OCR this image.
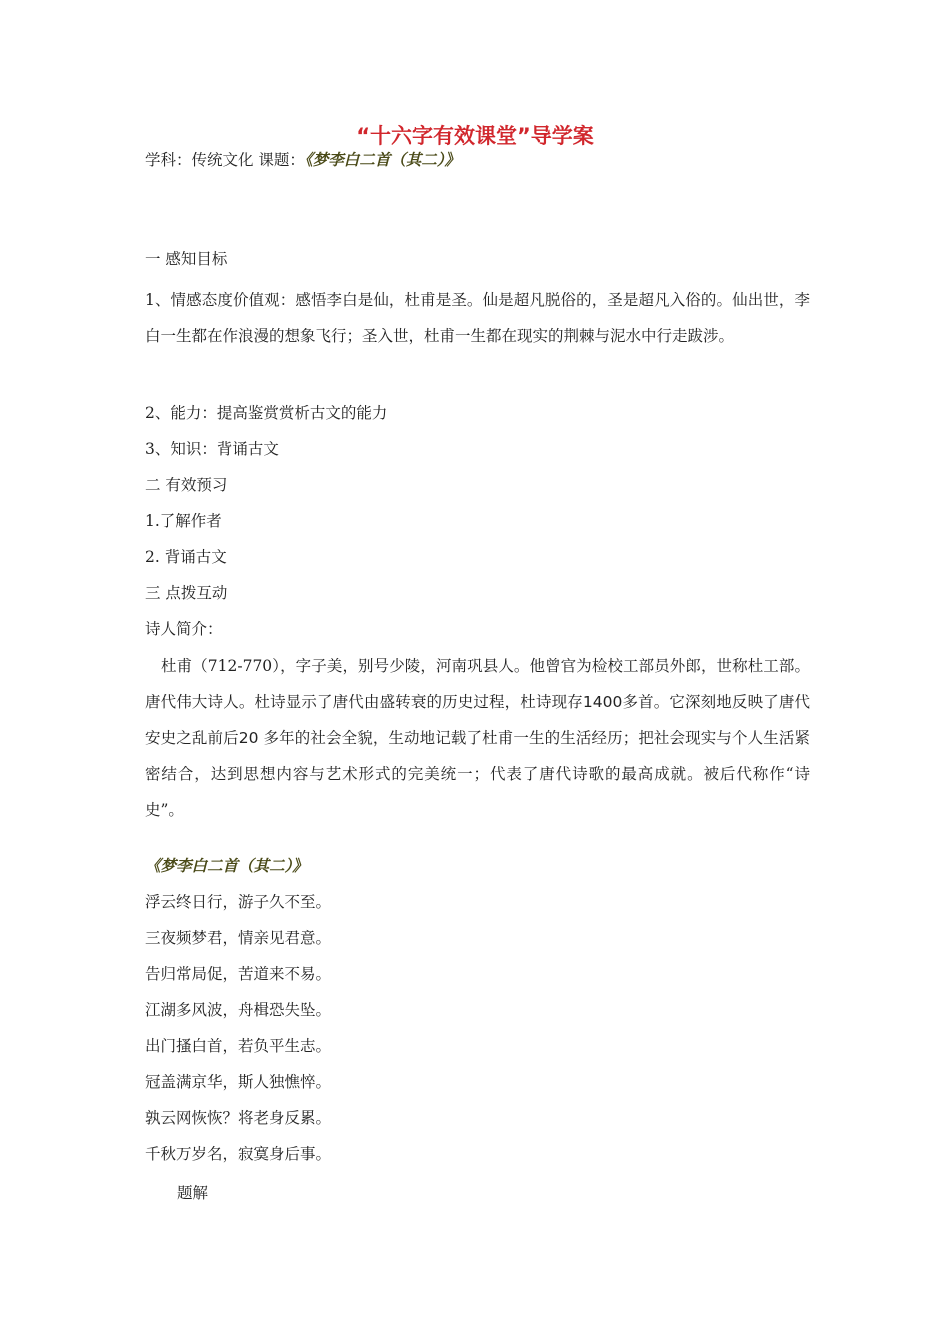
“十六字有效课堂”导学案
学科：传统文化 课题：《梦李白二首（其二）》
____________________________________________________________________________
一 感知目标
1、情感态度价值观：感悟李白是仙，杜甫是圣。仙是超凡脱俗的，圣是超凡入俗的。仙出世，李白一生都在作浪漫的想象飞行；圣入世，杜甫一生都在现实的荆棘与泥水中行走跋涉。
2、能力：提高鉴赏赏析古文的能力
3、知识：背诵古文
二 有效预习
1.了解作者
2. 背诵古文
三 点拨互动
诗人简介：
杜甫（712-770），字子美，别号少陵，河南巩县人。他曾官为检校工部员外郎，世称杜工部。唐代伟大诗人。杜诗显示了唐代由盛转衰的历史过程，杜诗现存1400多首。它深刻地反映了唐代安史之乱前后20 多年的社会全貌，生动地记载了杜甫一生的生活经历；把社会现实与个人生活紧密结合，达到思想内容与艺术形式的完美统一；代表了唐代诗歌的最高成就。被后代称作“诗史”。
《梦李白二首（其二）》
浮云终日行，游子久不至。
三夜频梦君，情亲见君意。
告归常局促，苦道来不易。
江湖多风波，舟楫恐失坠。
出门搔白首，若负平生志。
冠盖满京华，斯人独憔悴。
孰云网恢恢？将老身反累。
千秋万岁名，寂寞身后事。
题解
